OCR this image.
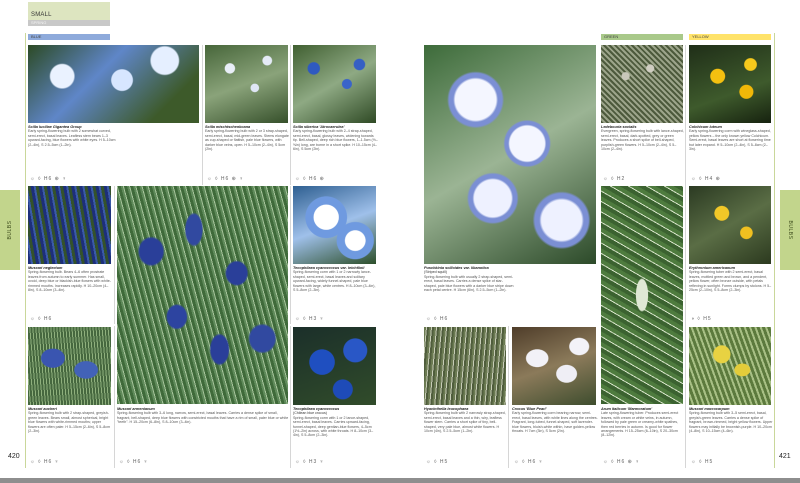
SMALL
SPRING
BLUE	GREEN	YELLOW
BULBS	BULBS
420	421
Scilla luciliae Gigantea Group
Early spring-flowering bulb with 2 somewhat curved, semi-erect, basal leaves. Leafless stem bears 1–3 upward-facing, blue flowers with white eyes. H 5–10cm (2–4in), S 2.5–5cm (1–2in).
☼ ◊ H6 ⊕ ♆
Scilla mischtschenkoana
Early spring-flowering bulb with 2 or 3 strap-shaped, semi-erect, basal, mid-green leaves. Stems elongate as cup-shaped or flattish, pale blue flowers, with darker blue veins, open. H 5–10cm (2–4in), S 5cm (2in).
☼ ◊ H6 ⊕ ♆
Scilla siberica 'Atrocaerulea'
Early spring-flowering bulb with 2–4 strap-shaped, semi-erect, basal, glossy leaves, widening towards tip. Bell-shaped, deep rich blue flowers, 1–1.5cm (½–⅝in) long, are borne in a short spike. H 10–15cm (4–6in), S 5cm (2in).
☼ ◊ H6 ⊕
Muscari neglectum
Spring-flowering bulb. Bears 4–6 often prostrate leaves from autumn to early summer. Has small, ovoid, deep blue or blackish-blue flowers with white-rimmed mouths. Increases rapidly. H 10–20cm (4–8in), S 8–10cm (3–4in).
☼ ◊ H6
Tecophilaea cyanocrocus var. leichtlinii
Spring-flowering corm with 1 or 2 narrowly lance-shaped, semi-erect, basal leaves and solitary upward-facing, widely funnel-shaped, pale blue flowers with large, white centres. H 8–10cm (3–4in), S 5–8cm (2–3in).
☼ ◊ H3 ♆
Muscari aucheri
Spring-flowering bulb with 2 strap-shaped, greyish-green leaves. Bears small, almost spherical, bright blue flowers with white-rimmed mouths; upper flowers are often paler. H 5–15cm (2–6in), S 5–8cm (2–3in).
☼ ◊ H6 ♆
Muscari armeniacum
Spring-flowering bulb with 3–6 long, narrow, semi-erect, basal leaves. Carries a dense spike of small, fragrant, bell-shaped, deep blue flowers with constricted mouths that have a rim of small, paler blue or white "teeth". H 15–20cm (6–8in), S 8–10cm (3–4in).
☼ ◊ H6 ♆
Tecophilaea cyanocrocus
(Chilean blue crocus)
Spring-flowering corm with 1 or 2 lance-shaped, semi-erect, basal leaves. Carries upward-facing, funnel-shaped, deep gentian-blue flowers, 4–5cm (1½–2in) across, with white throats. H 8–10cm (3–4in), S 5–8cm (2–3in).
☼ ◊ H3 ♆
Puschkinia scilloides var. libanotica
(Striped squill)
Spring-flowering bulb with usually 2 strap-shaped, semi-erect, basal leaves. Carries a dense spike of star-shaped, pale blue flowers with a darker blue stripe down each petal centre. H 15cm (6in), S 2.5–5cm (1–2in).
☼ ◊ H6
Hyacinthella leucophaea
Spring-flowering bulb with 2 narrowly strap-shaped, semi-erect, basal leaves and a thin, wiry, leafless flower stem. Carries a short spike of tiny, bell-shaped, very pale blue, almost white flowers. H 10cm (4in), S 2.5–5cm (1–2in).
☼ ◊ H5
Crocus 'Blue Pearl'
Early spring-flowering corm bearing narrow, semi-erect, basal leaves, with white lines along the centres. Fragrant, long-tubed, funnel-shaped, soft lavender-blue flowers, bluish-white within, have golden-yellow throats. H 7cm (3in), S 5cm (2in).
☼ ◊ H6 ♆
Ledebouria socialis
Evergreen, spring-flowering bulb with lance-shaped, semi-erect, basal, dark-spotted, grey or green leaves. Produces a short spike of bell-shaped, purplish-green flowers. H 5–10cm (2–4in), S 5–10cm (2–4in).
☼ ◊ H2
Colchicum luteum
Early spring-flowering corm with wineglass-shaped, yellow flowers – the only known yellow Colchicum. Semi-erect, basal leaves are short at flowering time but later expand. H 5–10cm (2–4in), S 5–8cm (2–3in).
☼ ◊ H4 ⊕
Erythronium americanum
Spring-flowering tuber with 2 semi-erect, basal leaves, mottled green and brown, and a pendent, yellow flower, often bronze outside, with petals reflexing in sunlight. Forms clumps by stolons. H 5–25cm (2–10in), S 5–8cm (2–3in).
◑ ◊ H5
Arum italicum 'Marmoratum'
Late spring-flowering tuber. Produces semi-erect leaves, with cream or white veins, in autumn, followed by pale green or creamy-white spathes, then red berries in autumn. Is good for flower arrangements. H 15–25cm (6–10in), S 20–30cm (8–12in).
☼ ◊ H6 ⊕ ♆
Muscari macrocarpum
Spring-flowering bulb with 3–5 semi-erect, basal, greyish-green leaves. Carries a dense spike of fragrant, brown-rimmed, bright yellow flowers. Upper flowers may initially be brownish-purple. H 10–20cm (4–8in), S 10–15cm (4–6in).
☼ ◊ H5
